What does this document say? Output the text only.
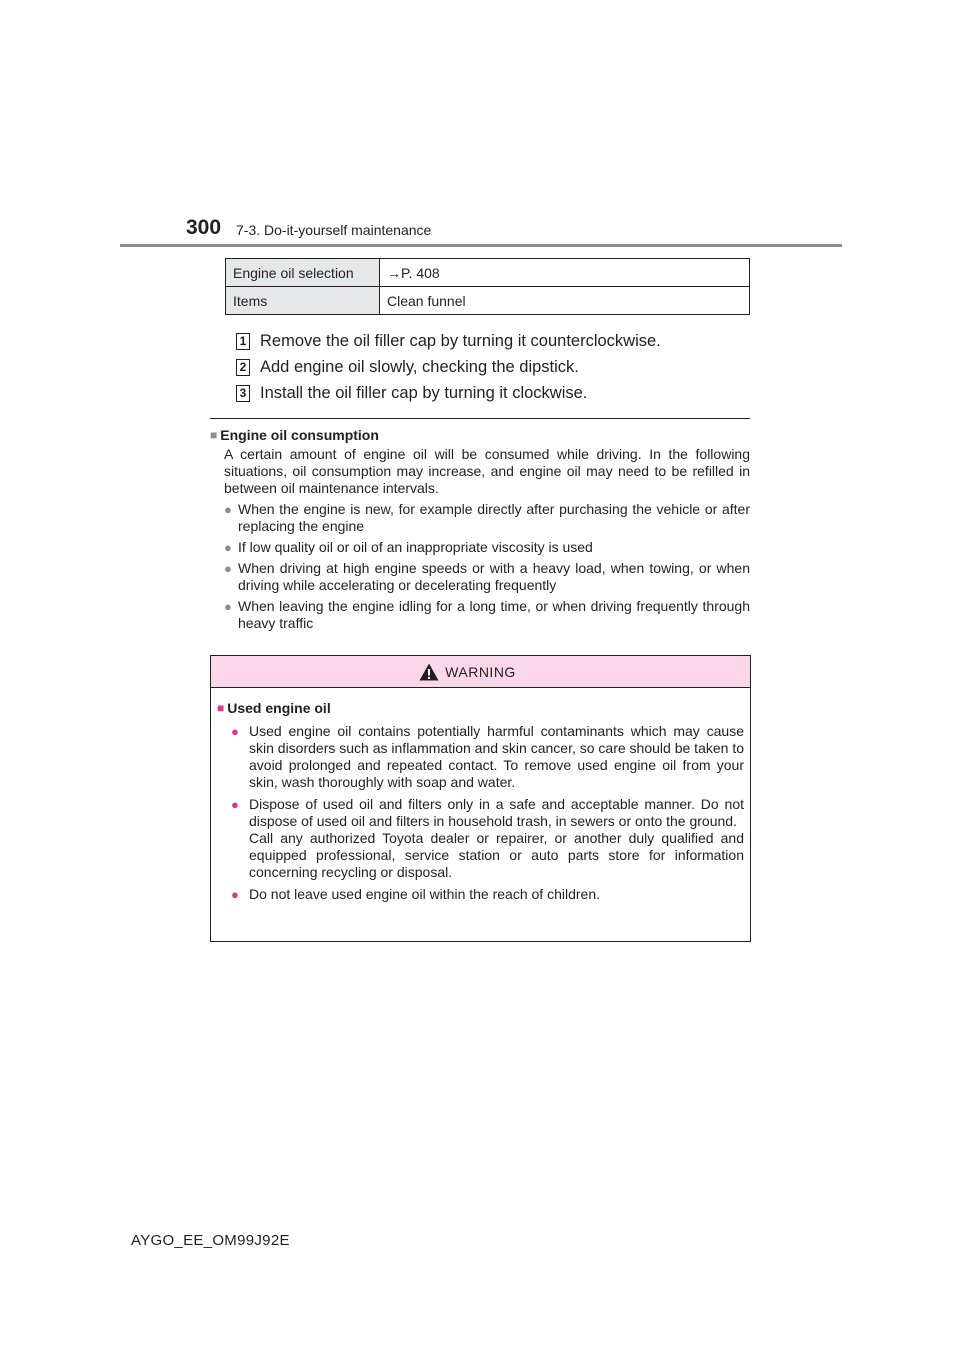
300 7-3. Do-it-yourself maintenance
Engine oil selection	→P. 408
Items	Clean funnel
1 Remove the oil filler cap by turning it counterclockwise.
2 Add engine oil slowly, checking the dipstick.
3 Install the oil filler cap by turning it clockwise.
■ Engine oil consumption
A certain amount of engine oil will be consumed while driving. In the following situations, oil consumption may increase, and engine oil may need to be refilled in between oil maintenance intervals.
● When the engine is new, for example directly after purchasing the vehicle or after replacing the engine
● If low quality oil or oil of an inappropriate viscosity is used
● When driving at high engine speeds or with a heavy load, when towing, or when driving while accelerating or decelerating frequently
● When leaving the engine idling for a long time, or when driving frequently through heavy traffic
WARNING
■ Used engine oil
● Used engine oil contains potentially harmful contaminants which may cause skin disorders such as inflammation and skin cancer, so care should be taken to avoid prolonged and repeated contact. To remove used engine oil from your skin, wash thoroughly with soap and water.
● Dispose of used oil and filters only in a safe and acceptable manner. Do not dispose of used oil and filters in household trash, in sewers or onto the ground.
Call any authorized Toyota dealer or repairer, or another duly qualified and equipped professional, service station or auto parts store for information concerning recycling or disposal.
● Do not leave used engine oil within the reach of children.
AYGO_EE_OM99J92E
